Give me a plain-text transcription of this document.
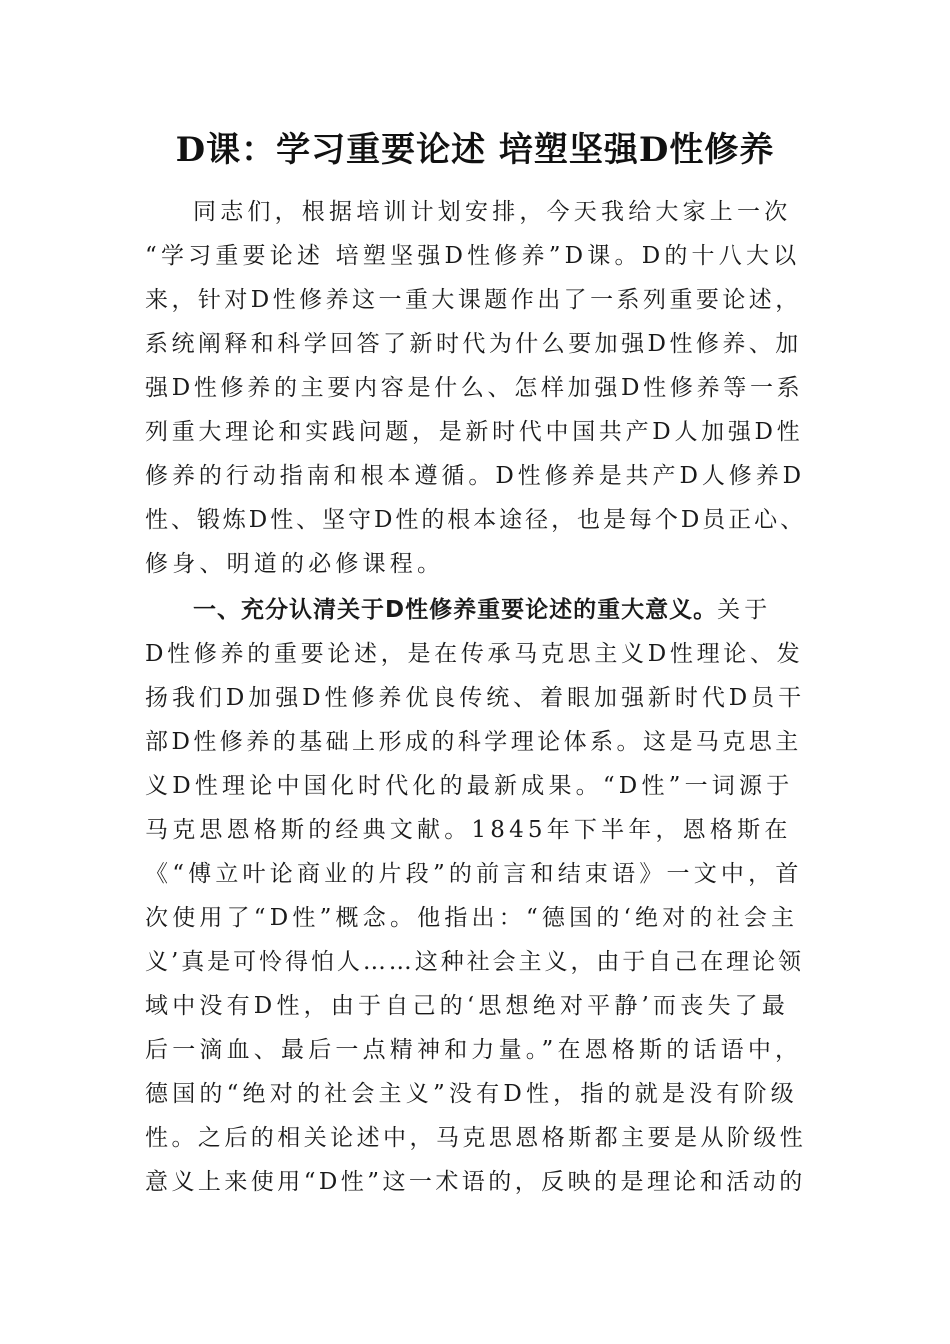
D课：学习重要论述 培塑坚强D性修养
同志们，根据培训计划安排，今天我给大家上一次
“学习重要论述 培塑坚强D性修养”D课。D的十八大以
来，针对D性修养这一重大课题作出了一系列重要论述，
系统阐释和科学回答了新时代为什么要加强D性修养、加
强D性修养的主要内容是什么、怎样加强D性修养等一系
列重大理论和实践问题，是新时代中国共产D人加强D性
修养的行动指南和根本遵循。D性修养是共产D人修养D
性、锻炼D性、坚守D性的根本途径，也是每个D员正心、
修身、明道的必修课程。
一、充分认清关于D性修养重要论述的重大意义。关于
D性修养的重要论述，是在传承马克思主义D性理论、发
扬我们D加强D性修养优良传统、着眼加强新时代D员干
部D性修养的基础上形成的科学理论体系。这是马克思主
义D性理论中国化时代化的最新成果。“D性”一词源于
马克思恩格斯的经典文献。1845年下半年，恩格斯在
《“傅立叶论商业的片段”的前言和结束语》一文中，首
次使用了“D性”概念。他指出：“德国的‘绝对的社会主
义’真是可怜得怕人……这种社会主义，由于自己在理论领
域中没有D性，由于自己的‘思想绝对平静’而丧失了最
后一滴血、最后一点精神和力量。”在恩格斯的话语中，
德国的“绝对的社会主义”没有D性，指的就是没有阶级
性。之后的相关论述中，马克思恩格斯都主要是从阶级性
意义上来使用“D性”这一术语的，反映的是理论和活动的
